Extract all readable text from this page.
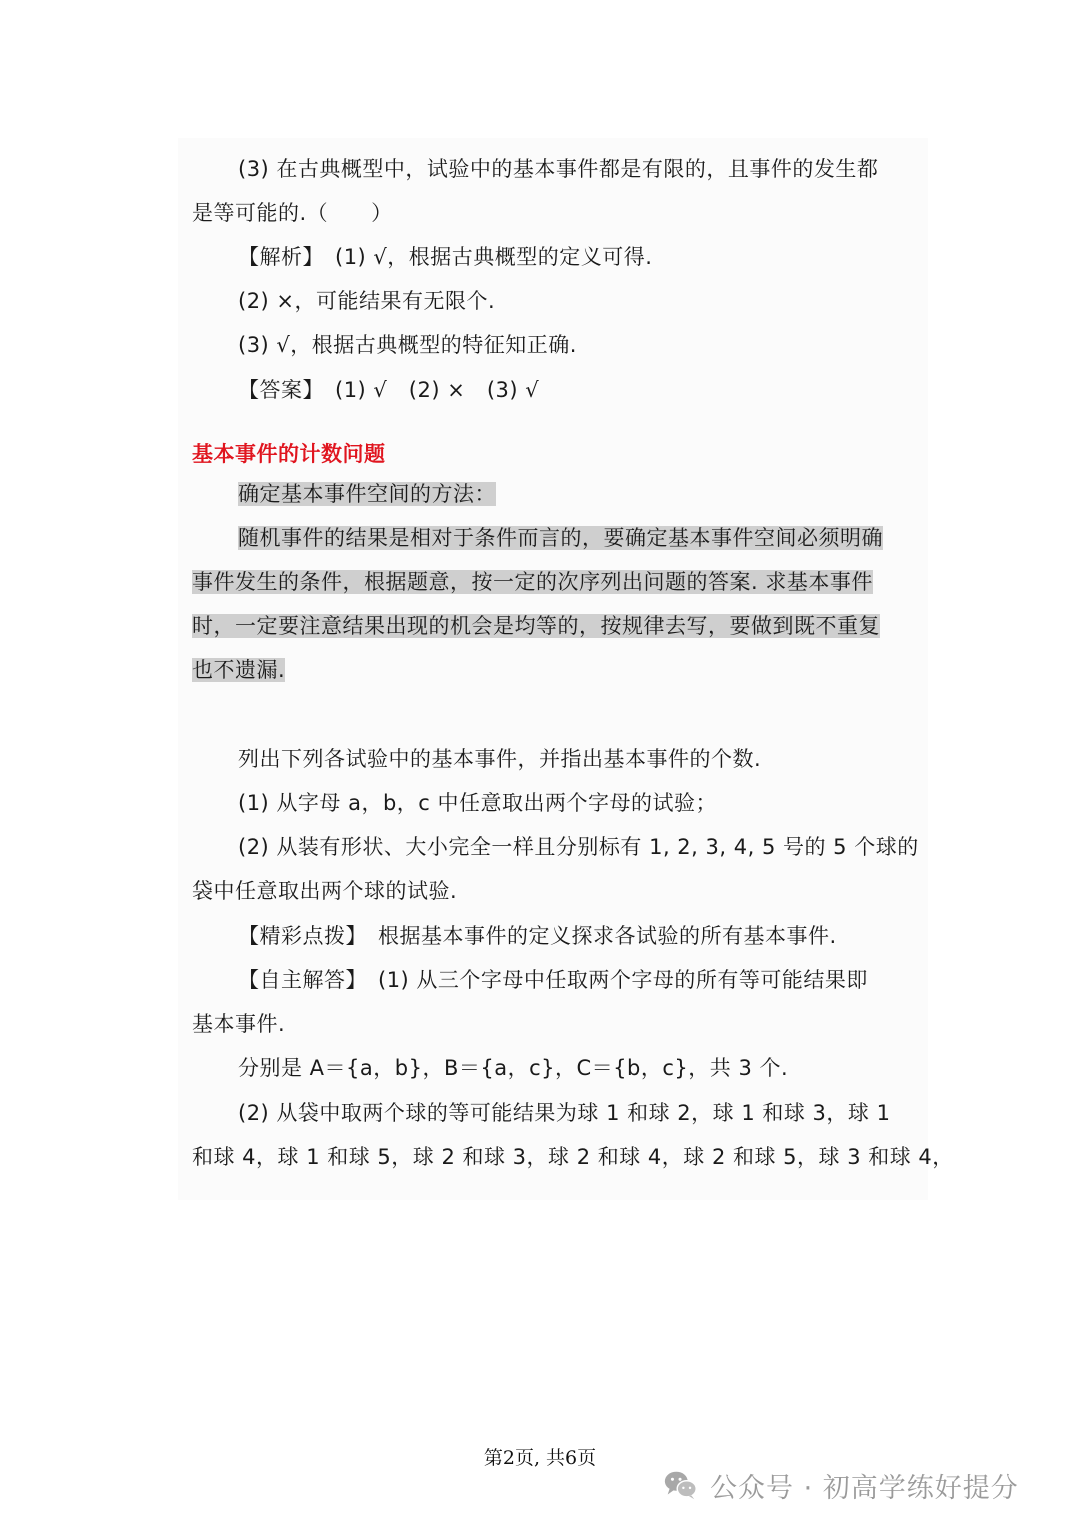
(3) 在古典概型中，试验中的基本事件都是有限的，且事件的发生都
是等可能的.（　　）
【解析】　(1) √，根据古典概型的定义可得.
(2) ×，可能结果有无限个.
(3) √，根据古典概型的特征知正确.
【答案】　(1) √　(2) ×　(3) √
基本事件的计数问题
确定基本事件空间的方法：
随机事件的结果是相对于条件而言的，要确定基本事件空间必须明确
事件发生的条件，根据题意，按一定的次序列出问题的答案. 求基本事件
时，一定要注意结果出现的机会是均等的，按规律去写，要做到既不重复
也不遗漏.
列出下列各试验中的基本事件，并指出基本事件的个数.
(1) 从字母 a，b，c 中任意取出两个字母的试验；
(2) 从装有形状、大小完全一样且分别标有 1, 2, 3, 4, 5 号的 5 个球的
袋中任意取出两个球的试验.
【精彩点拨】　根据基本事件的定义探求各试验的所有基本事件.
【自主解答】　(1) 从三个字母中任取两个字母的所有等可能结果即
基本事件.
分别是 A＝{a，b}，B＝{a，c}，C＝{b，c}，共 3 个.
(2) 从袋中取两个球的等可能结果为球 1 和球 2，球 1 和球 3，球 1
和球 4，球 1 和球 5，球 2 和球 3，球 2 和球 4，球 2 和球 5，球 3 和球 4，
第2页, 共6页
公众号 · 初高学练好提分
